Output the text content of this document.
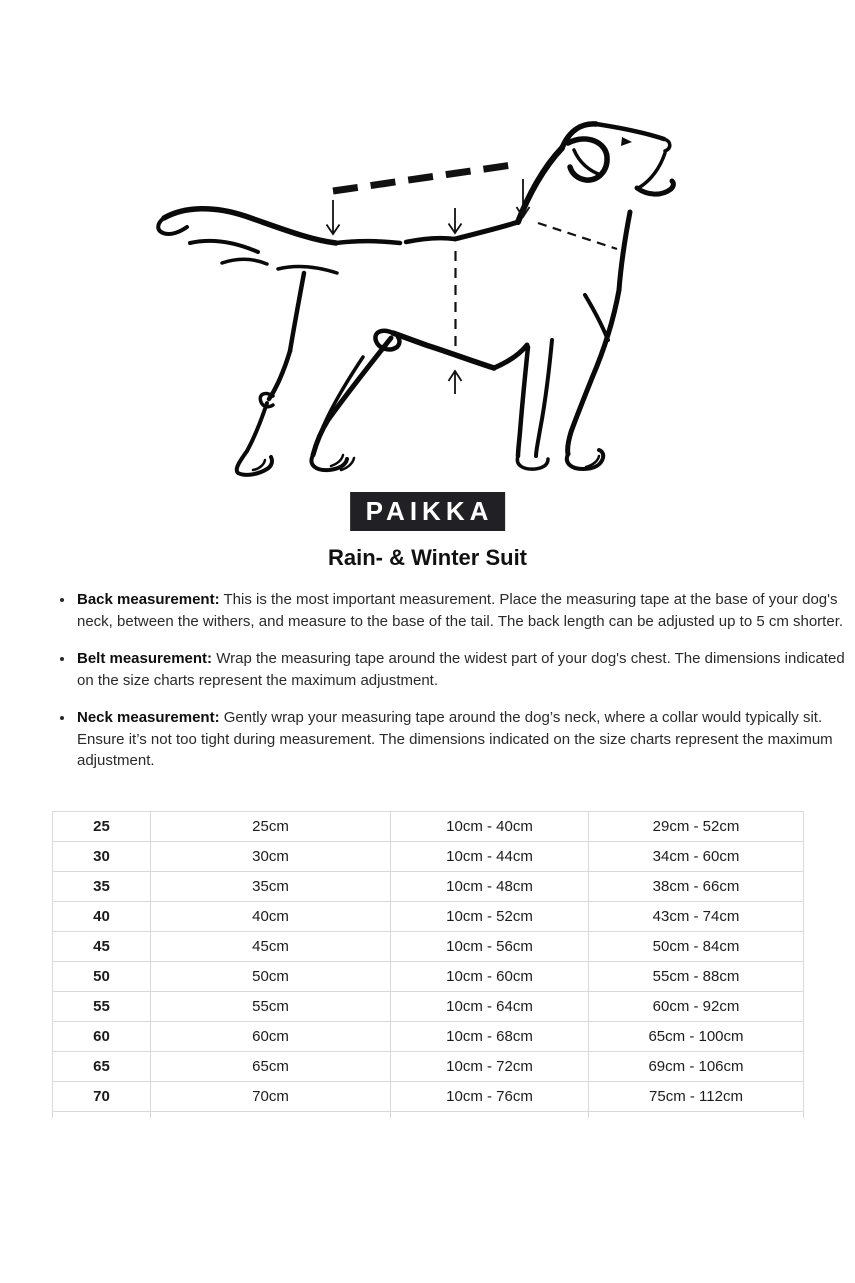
PAIKKA
Rain- & Winter Suit
• Back measurement: This is the most important measurement. Place the measuring tape at the base of your dog's neck, between the withers, and measure to the base of the tail. The back length can be adjusted up to 5 cm shorter.
• Belt measurement: Wrap the measuring tape around the widest part of your dog's chest. The dimensions indicated on the size charts represent the maximum adjustment.
• Neck measurement: Gently wrap your measuring tape around the dog’s neck, where a collar would typically sit. Ensure it’s not too tight during measurement. The dimensions indicated on the size charts represent the maximum adjustment.
25	25cm	10cm - 40cm	29cm - 52cm
30	30cm	10cm - 44cm	34cm - 60cm
35	35cm	10cm - 48cm	38cm - 66cm
40	40cm	10cm - 52cm	43cm - 74cm
45	45cm	10cm - 56cm	50cm - 84cm
50	50cm	10cm - 60cm	55cm - 88cm
55	55cm	10cm - 64cm	60cm - 92cm
60	60cm	10cm - 68cm	65cm - 100cm
65	65cm	10cm - 72cm	69cm - 106cm
70	70cm	10cm - 76cm	75cm - 112cm
